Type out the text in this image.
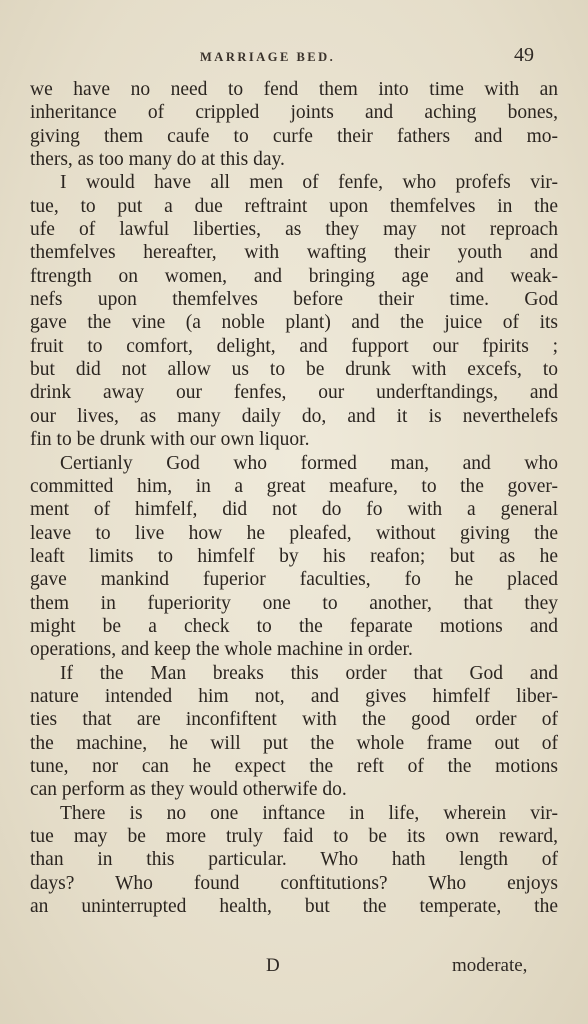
MARRIAGE BED.	49
we have no need to fend them into time with an
inheritance of crippled joints and aching bones,
giving them caufe to curfe their fathers and mo-
thers, as too many do at this day.
I would have all men of fenfe, who profefs vir-
tue, to put a due reftraint upon themfelves in the
ufe of lawful liberties, as they may not reproach
themfelves hereafter, with wafting their youth and
ftrength on women, and bringing age and weak-
nefs upon themfelves before their time. God
gave the vine (a noble plant) and the juice of its
fruit to comfort, delight, and fupport our fpirits ;
but did not allow us to be drunk with excefs, to
drink away our fenfes, our underftandings, and
our lives, as many daily do, and it is neverthelefs
fin to be drunk with our own liquor.
Certianly God who formed man, and who
committed him, in a great meafure, to the gover-
ment of himfelf, did not do fo with a general
leave to live how he pleafed, without giving the
leaft limits to himfelf by his reafon; but as he
gave mankind fuperior faculties, fo he placed
them in fuperiority one to another, that they
might be a check to the feparate motions and
operations, and keep the whole machine in order.
If the Man breaks this order that God and
nature intended him not, and gives himfelf liber-
ties that are inconfiftent with the good order of
the machine, he will put the whole frame out of
tune, nor can he expect the reft of the motions
can perform as they would otherwife do.
There is no one inftance in life, wherein vir-
tue may be more truly faid to be its own reward,
than in this particular. Who hath length of
days? Who found conftitutions? Who enjoys
an uninterrupted health, but the temperate, the
D	moderate,
